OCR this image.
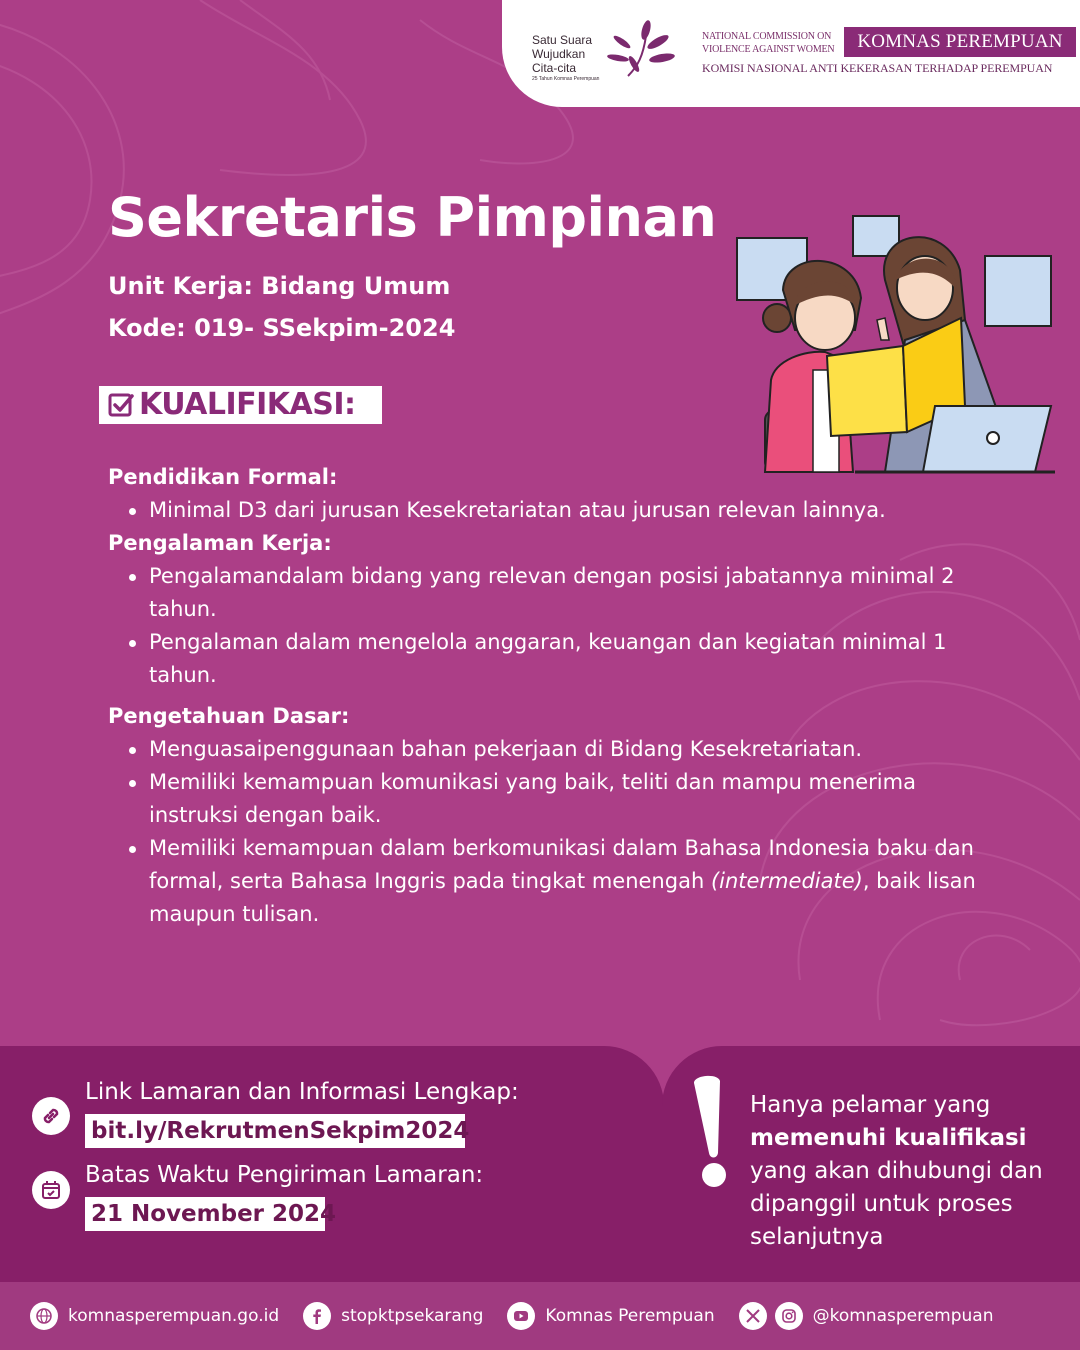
Satu Suara
Wujudkan
Cita-cita
25 Tahun Komnas Perempuan
NATIONAL COMMISSION ON
VIOLENCE AGAINST WOMEN	KOMNAS PEREMPUAN
KOMISI NASIONAL ANTI KEKERASAN TERHADAP PEREMPUAN
Sekretaris Pimpinan
Unit Kerja: Bidang Umum
Kode: 019- SSekpim-2024
KUALIFIKASI:
Pendidikan Formal:
Minimal D3 dari jurusan Kesekretariatan atau jurusan relevan lainnya.
Pengalaman Kerja:
Pengalamandalam bidang yang relevan dengan posisi jabatannya minimal 2 tahun.
Pengalaman dalam mengelola anggaran, keuangan dan kegiatan minimal 1 tahun.
Pengetahuan Dasar:
Menguasaipenggunaan bahan pekerjaan di Bidang Kesekretariatan.
Memiliki kemampuan komunikasi yang baik, teliti dan mampu menerima instruksi dengan baik.
Memiliki kemampuan dalam berkomunikasi dalam Bahasa Indonesia baku dan formal, serta Bahasa Inggris pada tingkat menengah (intermediate), baik lisan maupun tulisan.
Link Lamaran dan Informasi Lengkap:
bit.ly/RekrutmenSekpim2024
Batas Waktu Pengiriman Lamaran:
21 November 2024
Hanya pelamar yang
memenuhi kualifikasi
yang akan dihubungi dan dipanggil untuk proses selanjutnya
komnasperempuan.go.id	stopktpsekarang	Komnas Perempuan	@komnasperempuan
